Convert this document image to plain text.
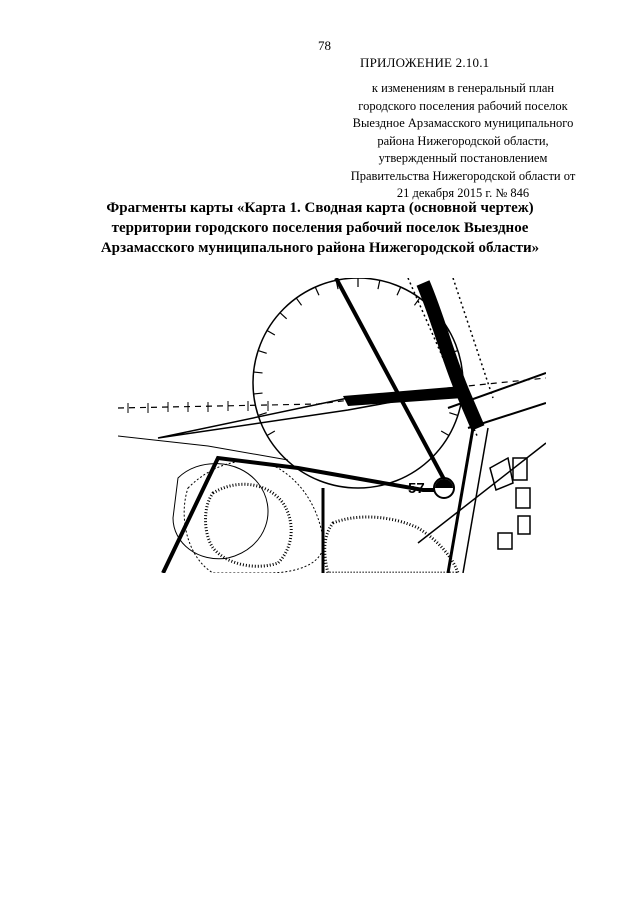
78
ПРИЛОЖЕНИЕ 2.10.1
к изменениям в генеральный план
городского поселения рабочий поселок
Выездное Арзамасского муниципального
района Нижегородской области,
утвержденный постановлением
Правительства Нижегородской области от
21 декабря 2015 г. № 846
Фрагменты карты «Карта 1. Сводная карта (основной чертеж)
территории городского поселения рабочий поселок Выездное
Арзамасского муниципального района Нижегородской области»
57
